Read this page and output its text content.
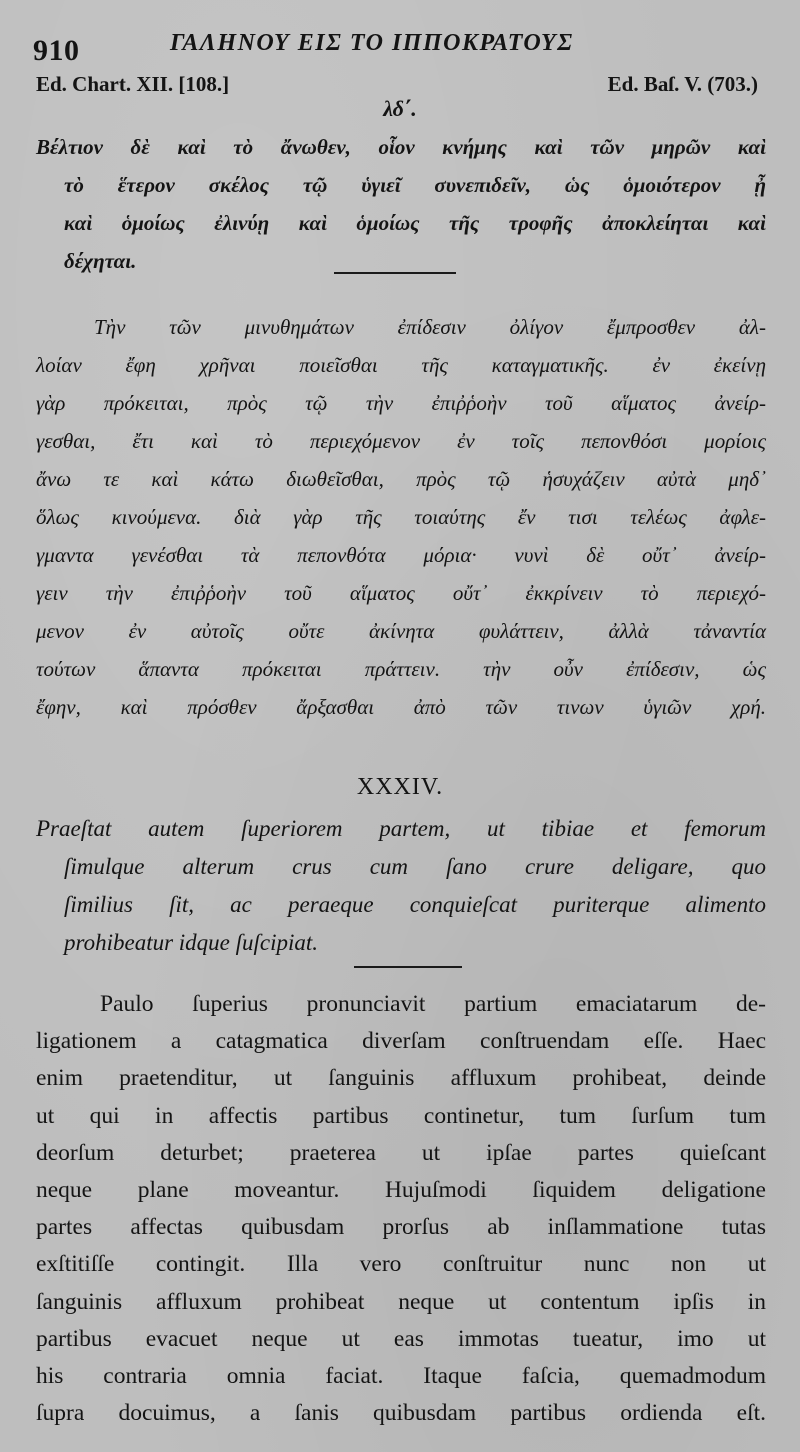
910	ΓΑΛΗΝΟΥ ΕΙΣ ΤΟ ΙΠΠΟΚΡΑΤΟΥΣ
Ed. Chart. XII. [108.]	Ed. Baſ. V. (703.)
λδ΄.
Βέλτιον δὲ καὶ τὸ ἄνωθεν, οἷον κνήμης καὶ τῶν μηρῶν καὶ
τὸ ἕτερον σκέλος τῷ ὑγιεῖ συνεπιδεῖν, ὡς ὁμοιότερον ᾖ
καὶ ὁμοίως ἐλινύῃ καὶ ὁμοίως τῆς τροφῆς ἀποκλείηται καὶ
δέχηται.
Τὴν τῶν μινυθημάτων ἐπίδεσιν ὀλίγον ἔμπροσθεν ἀλ-
λοίαν ἔφη χρῆναι ποιεῖσθαι τῆς καταγματικῆς. ἐν ἐκείνῃ
γὰρ πρόκειται, πρὸς τῷ τὴν ἐπιῤῥοὴν τοῦ αἵματος ἀνείρ-
γεσθαι, ἔτι καὶ τὸ περιεχόμενον ἐν τοῖς πεπονθόσι μορίοις
ἄνω τε καὶ κάτω διωθεῖσθαι, πρὸς τῷ ἡσυχάζειν αὐτὰ μηδ᾽
ὅλως κινούμενα. διὰ γὰρ τῆς τοιαύτης ἔν τισι τελέως ἀφλε-
γμαντα γενέσθαι τὰ πεπονθότα μόρια· νυνὶ δὲ οὔτ᾽ ἀνείρ-
γειν τὴν ἐπιῤῥοὴν τοῦ αἵματος οὔτ᾽ ἐκκρίνειν τὸ περιεχό-
μενον ἐν αὐτοῖς οὔτε ἀκίνητα φυλάττειν, ἀλλὰ τἀναντία
τούτων ἅπαντα πρόκειται πράττειν. τὴν οὖν ἐπίδεσιν, ὡς
ἔφην, καὶ πρόσθεν ἄρξασθαι ἀπὸ τῶν τινων ὑγιῶν χρή.
XXXIV.
Praeſtat autem ſuperiorem partem, ut tibiae et femorum
ſimulque alterum crus cum ſano crure deligare, quo
ſimilius ſit, ac peraeque conquieſcat puriterque alimento
prohibeatur idque ſuſcipiat.
Paulo ſuperius pronunciavit partium emaciatarum de-
ligationem a catagmatica diverſam conſtruendam eſſe. Haec
enim praetenditur, ut ſanguinis affluxum prohibeat, deinde
ut qui in affectis partibus continetur, tum ſurſum tum
deorſum deturbet; praeterea ut ipſae partes quieſcant
neque plane moveantur. Hujuſmodi ſiquidem deligatione
partes affectas quibusdam prorſus ab inſlammatione tutas
exſtitiſſe contingit. Illa vero conſtruitur nunc non ut
ſanguinis affluxum prohibeat neque ut contentum ipſis in
partibus evacuet neque ut eas immotas tueatur, imo ut
his contraria omnia faciat. Itaque faſcia, quemadmodum
ſupra docuimus, a ſanis quibusdam partibus ordienda eſt.
